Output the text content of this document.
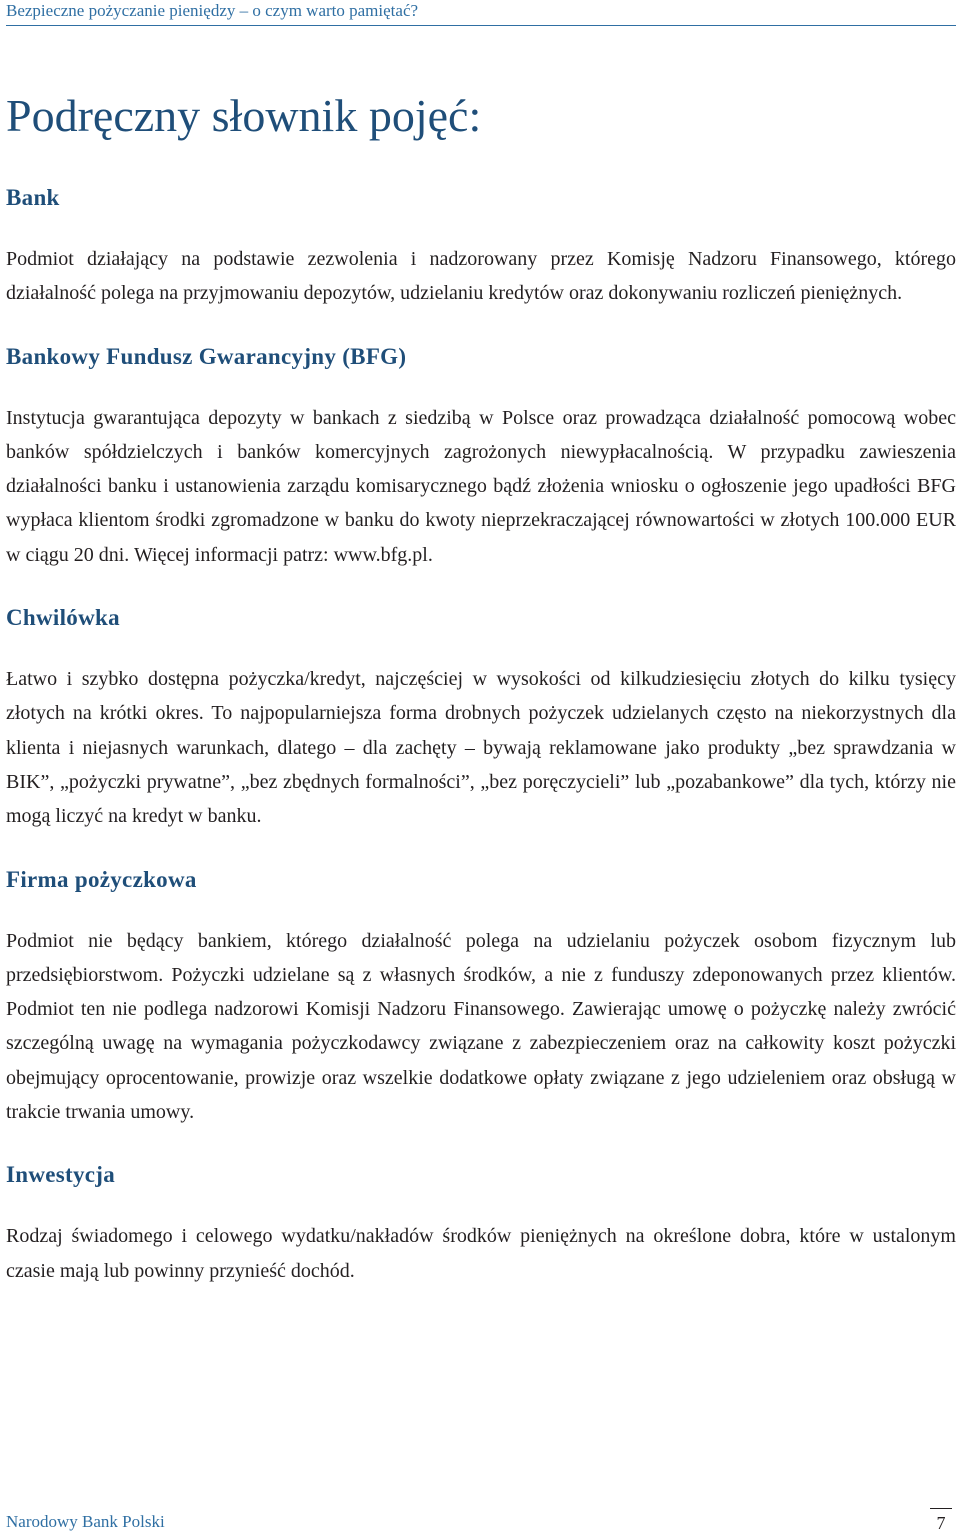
Bezpieczne pożyczanie pieniędzy – o czym warto pamiętać?
Podręczny słownik pojęć:
Bank

Podmiot działający na podstawie zezwolenia i nadzorowany przez Komisję Nadzoru Finansowego, którego działalność polega na przyjmowaniu depozytów, udzielaniu kredytów oraz dokonywaniu rozliczeń pieniężnych.

Bankowy Fundusz Gwarancyjny (BFG)

Instytucja gwarantująca depozyty w bankach z siedzibą w Polsce oraz prowadząca działalność pomocową wobec banków spółdzielczych i banków komercyjnych zagrożonych niewypłacalnością. W przypadku zawieszenia działalności banku i ustanowienia zarządu komisarycznego bądź złożenia wniosku o ogłoszenie jego upadłości BFG wypłaca klientom środki zgromadzone w banku do kwoty nieprzekraczającej równowartości w złotych 100.000 EUR w ciągu 20 dni. Więcej informacji patrz: www.bfg.pl.

Chwilówka

Łatwo i szybko dostępna pożyczka/kredyt, najczęściej w wysokości od kilkudziesięciu złotych do kilku tysięcy złotych na krótki okres. To najpopularniejsza forma drobnych pożyczek udzielanych często na niekorzystnych dla klienta i niejasnych warunkach, dlatego – dla zachęty – bywają reklamowane jako produkty „bez sprawdzania w BIK”, „pożyczki prywatne”, „bez zbędnych formalności”, „bez poręczycieli” lub „pozabankowe” dla tych, którzy nie mogą liczyć na kredyt w banku.

Firma pożyczkowa

Podmiot nie będący bankiem, którego działalność polega na udzielaniu pożyczek osobom fizycznym lub przedsiębiorstwom. Pożyczki udzielane są z własnych środków, a nie z funduszy zdeponowanych przez klientów. Podmiot ten nie podlega nadzorowi Komisji Nadzoru Finansowego. Zawierając umowę o pożyczkę należy zwrócić szczególną uwagę na wymagania pożyczkodawcy związane z zabezpieczeniem oraz na całkowity koszt pożyczki obejmujący oprocentowanie, prowizje oraz wszelkie dodatkowe opłaty związane z jego udzieleniem oraz obsługą w trakcie trwania umowy.

Inwestycja

Rodzaj świadomego i celowego wydatku/nakładów środków pieniężnych na określone dobra, które w ustalonym czasie mają lub powinny przynieść dochód.

Narodowy Bank Polski	7
